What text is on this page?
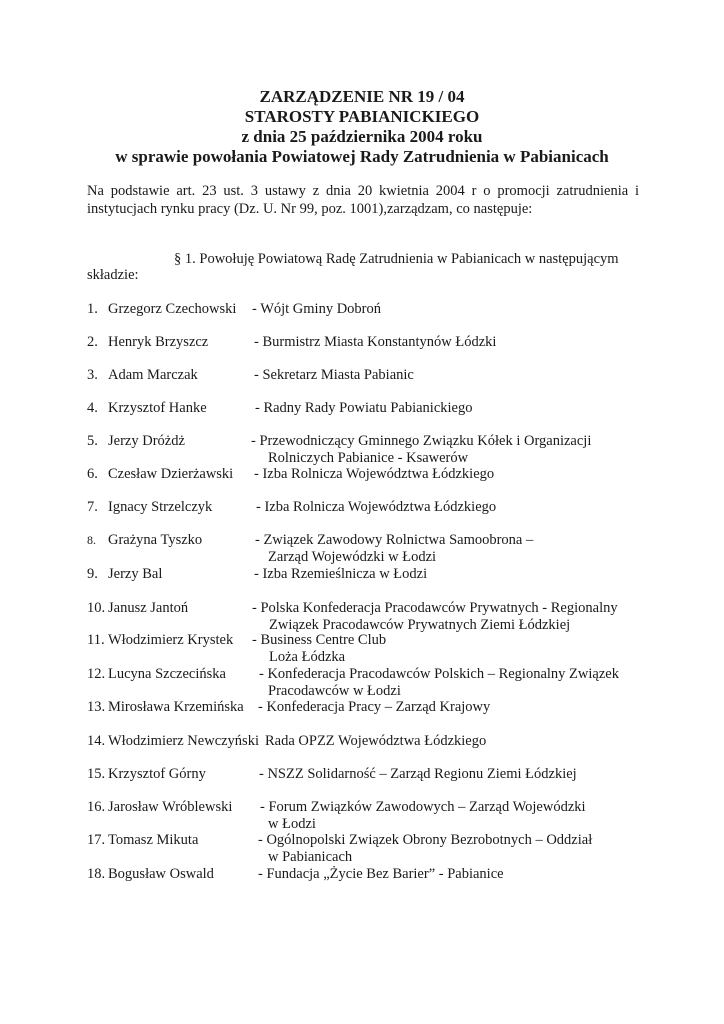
ZARZĄDZENIE NR 19 / 04

STAROSTY PABIANICKIEGO

z dnia 25 października 2004 roku

w sprawie powołania Powiatowej Rady Zatrudnienia w Pabianicach

Na podstawie art. 23 ust. 3 ustawy z dnia 20 kwietnia 2004 r o promocji zatrudnienia i

instytucjach rynku pracy (Dz. U. Nr 99, poz. 1001),zarządzam, co następuje:

§ 1. Powołuję Powiatową Radę Zatrudnienia w Pabianicach w następującym

składzie:

1. Grzegorz Czechowski - Wójt Gminy Dobroń
2. Henryk Brzyszcz	- Burmistrz Miasta Konstantynów Łódzki
3. Adam Marczak	- Sekretarz Miasta Pabianic
4. Krzysztof Hanke	- Radny Rady Powiatu Pabianickiego
5. Jerzy Dróżdż	- Przewodniczący Gminnego Związku Kółek i Organizacji
Rolniczych Pabianice - Ksawerów
6. Czesław Dzierżawski - Izba Rolnicza Województwa Łódzkiego
7. Ignacy Strzelczyk	- Izba Rolnicza Województwa Łódzkiego
8. Grażyna Tyszko	- Związek Zawodowy Rolnictwa Samoobrona –
Zarząd Wojewódzki w Łodzi
9. Jerzy Bal	- Izba Rzemieślnicza w Łodzi
10. Janusz Jantoń	- Polska Konfederacja Pracodawców Prywatnych - Regionalny
Związek Pracodawców Prywatnych Ziemi Łódzkiej
11. Włodzimierz Krystek - Business Centre Club
Loża Łódzka
12. Lucyna Szczecińska - Konfederacja Pracodawców Polskich – Regionalny Związek
Pracodawców w Łodzi
13. Mirosława Krzemińska - Konfederacja Pracy – Zarząd Krajowy
14. Włodzimierz Newczyński Rada OPZZ Województwa Łódzkiego
15. Krzysztof Górny	- NSZZ Solidarność – Zarząd Regionu Ziemi Łódzkiej
16. Jarosław Wróblewski - Forum Związków Zawodowych – Zarząd Wojewódzki
w Łodzi
17. Tomasz Mikuta	- Ogólnopolski Związek Obrony Bezrobotnych – Oddział
w Pabianicach
18. Bogusław Oswald	- Fundacja „Życie Bez Barier” - Pabianice
